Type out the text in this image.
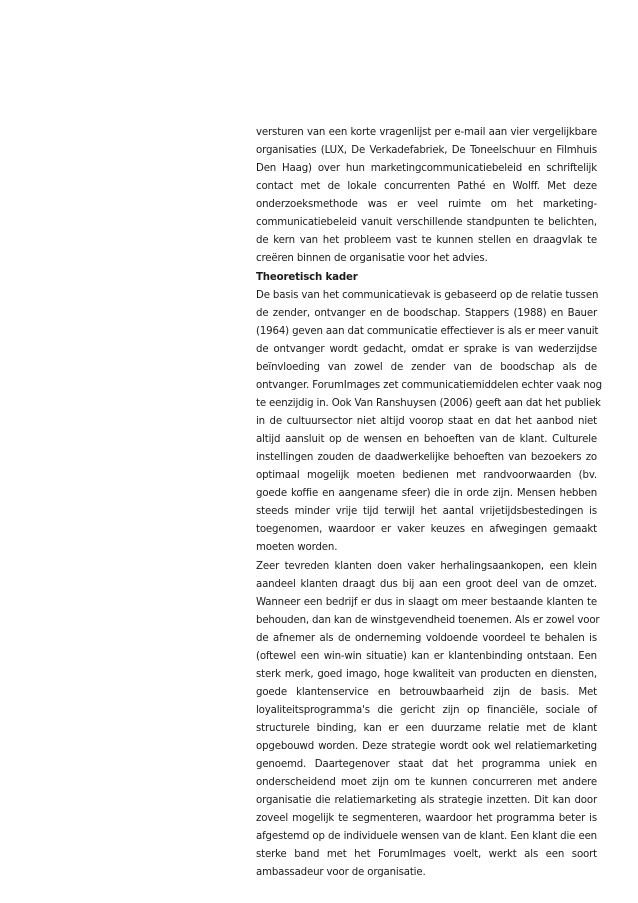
versturen van een korte vragenlijst per e-mail aan vier vergelijkbare
organisaties (LUX, De Verkadefabriek, De Toneelschuur en Filmhuis
Den Haag) over hun marketingcommunicatiebeleid en schriftelijk
contact met de lokale concurrenten Pathé en Wolff. Met deze
onderzoeksmethode was er veel ruimte om het marketing-
communicatiebeleid vanuit verschillende standpunten te belichten,
de kern van het probleem vast te kunnen stellen en draagvlak te
creëren binnen de organisatie voor het advies.
Theoretisch kader
De basis van het communicatievak is gebaseerd op de relatie tussen
de zender, ontvanger en de boodschap. Stappers (1988) en Bauer
(1964) geven aan dat communicatie effectiever is als er meer vanuit
de ontvanger wordt gedacht, omdat er sprake is van wederzijdse
beïnvloeding van zowel de zender van de boodschap als de
ontvanger. ForumImages zet communicatiemiddelen echter vaak nog
te eenzijdig in. Ook Van Ranshuysen (2006) geeft aan dat het publiek
in de cultuursector niet altijd voorop staat en dat het aanbod niet
altijd aansluit op de wensen en behoeften van de klant. Culturele
instellingen zouden de daadwerkelijke behoeften van bezoekers zo
optimaal mogelijk moeten bedienen met randvoorwaarden (bv.
goede koffie en aangename sfeer) die in orde zijn. Mensen hebben
steeds minder vrije tijd terwijl het aantal vrijetijdsbestedingen is
toegenomen, waardoor er vaker keuzes en afwegingen gemaakt
moeten worden.
Zeer tevreden klanten doen vaker herhalingsaankopen, een klein
aandeel klanten draagt dus bij aan een groot deel van de omzet.
Wanneer een bedrijf er dus in slaagt om meer bestaande klanten te
behouden, dan kan de winstgevendheid toenemen. Als er zowel voor
de afnemer als de onderneming voldoende voordeel te behalen is
(oftewel een win-win situatie) kan er klantenbinding ontstaan. Een
sterk merk, goed imago, hoge kwaliteit van producten en diensten,
goede klantenservice en betrouwbaarheid zijn de basis. Met
loyaliteitsprogramma's die gericht zijn op financiële, sociale of
structurele binding, kan er een duurzame relatie met de klant
opgebouwd worden. Deze strategie wordt ook wel relatiemarketing
genoemd. Daartegenover staat dat het programma uniek en
onderscheidend moet zijn om te kunnen concurreren met andere
organisatie die relatiemarketing als strategie inzetten. Dit kan door
zoveel mogelijk te segmenteren, waardoor het programma beter is
afgestemd op de individuele wensen van de klant. Een klant die een
sterke band met het ForumImages voelt, werkt als een soort
ambassadeur voor de organisatie.
